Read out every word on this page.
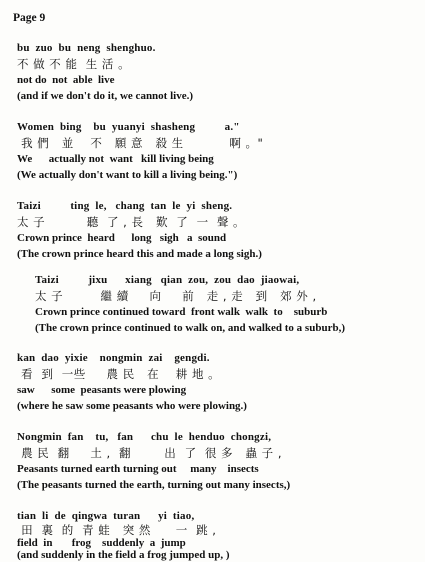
Page 9
bu  zuo  bu  neng  shenghuo.
不 做 不 能  生 活 。
not do  not  able  live
(and if we don't do it, we cannot live.)
Women  bing    bu  yuanyi  shasheng          a."
我 們   並    不   願 意   殺 生           啊 。"
We      actually not  want   kill living being
(We actually don't want to kill a living being.")
Taizi          ting  le,   chang  tan  le  yi  sheng.
太 子          聽  了 , 長   歎  了  一  聲 。
Crown prince  heard      long   sigh   a  sound
(The crown prince heard this and made a long sigh.)
Taizi          jixu      xiang   qian  zou,  zou  dao  jiaowai,
太 子         繼 續     向     前   走 , 走   到   郊 外 ,
Crown prince continued toward  front walk  walk  to    suburb
(The crown prince continued to walk on, and walked to a suburb,)
kan  dao  yixie    nongmin  zai    gengdi.
看  到  一些     農 民   在    耕 地 。
saw      some  peasants were plowing
(where he saw some peasants who were plowing.)
Nongmin  fan    tu,   fan      chu  le  henduo  chongzi,
農 民  翻     土 ,  翻        出  了  很 多   蟲 子 ,
Peasants turned earth turning out     many    insects
(The peasants turned the earth, turning out many insects,)
tian  li  de  qingwa  turan      yi  tiao,
田  裏  的  青 蛙   突 然      一  跳 ,
field  in       frog    suddenly  a  jump
(and suddenly in the field a frog jumped up, )
